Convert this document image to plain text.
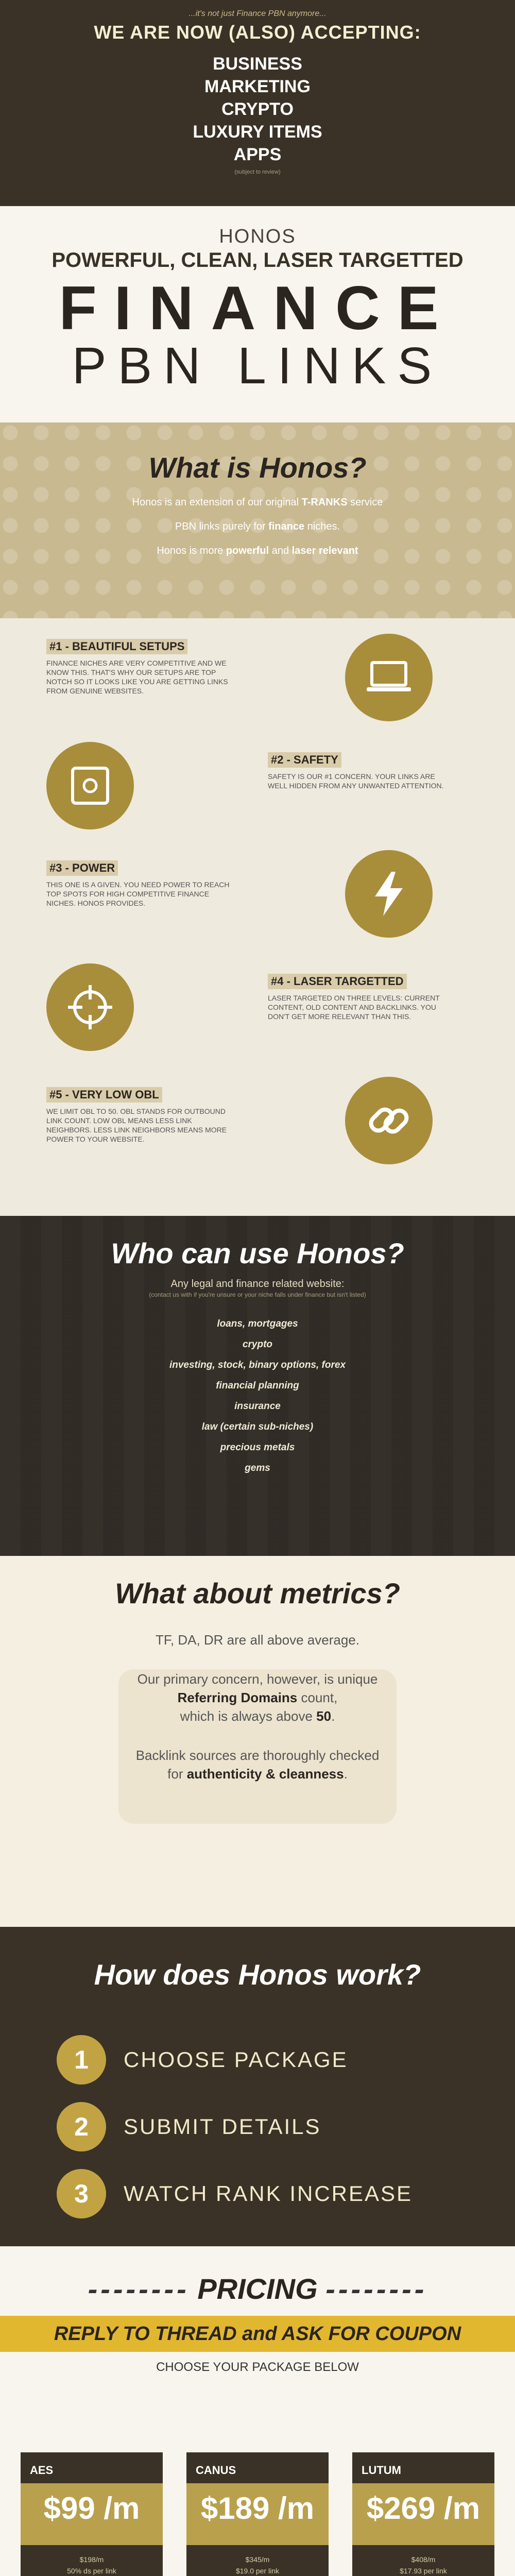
...it's not just Finance PBN anymore...
WE ARE NOW (ALSO) ACCEPTING:
BUSINESS
MARKETING
CRYPTO
LUXURY ITEMS
APPS
(subject to review)
HONOS
POWERFUL, CLEAN, LASER TARGETTED
FINANCE
PBN LINKS
What is Honos?

Honos is an extension of our original T-RANKS service

PBN links purely for finance niches.

Honos is more powerful and laser relevant

#1 - BEAUTIFUL SETUPS

FINANCE NICHES ARE VERY COMPETITIVE AND WE KNOW THIS. THAT'S WHY OUR SETUPS ARE TOP NOTCH SO IT LOOKS LIKE YOU ARE GETTING LINKS FROM GENUINE WEBSITES.

#2 - SAFETY

SAFETY IS OUR #1 CONCERN. YOUR LINKS ARE WELL HIDDEN FROM ANY UNWANTED ATTENTION.

#3 - POWER

THIS ONE IS A GIVEN. YOU NEED POWER TO REACH TOP SPOTS FOR HIGH COMPETITIVE FINANCE NICHES. HONOS PROVIDES.

#4 - LASER TARGETTED

LASER TARGETED ON THREE LEVELS: CURRENT CONTENT, OLD CONTENT AND BACKLINKS. YOU DON'T GET MORE RELEVANT THAN THIS.

#5 - VERY LOW OBL

WE LIMIT OBL TO 50. OBL STANDS FOR OUTBOUND LINK COUNT. LOW OBL MEANS LESS LINK NEIGHBORS. LESS LINK NEIGHBORS MEANS MORE POWER TO YOUR WEBSITE.

Who can use Honos?
Any legal and finance related website:
(contact us with if you're unsure or your niche falls under finance but isn't listed)
loans, mortgages
crypto
investing, stock, binary options, forex
financial planning
insurance
law (certain sub-niches)
precious metals
gems
What about metrics?

TF, DA, DR are all above average.

Our primary concern, however, is unique
Referring Domains count,
which is always above 50.

Backlink sources are thoroughly checked
for authenticity & cleanness.

How does Honos work?
1	CHOOSE PACKAGE
2	SUBMIT DETAILS
3	WATCH RANK INCREASE
-------- PRICING --------
REPLY TO THREAD and ASK FOR COUPON
CHOOSE YOUR PACKAGE BELOW
AES
$99 /m
$198/m
50% ds per link
CANUS
$189 /m
$345/m
$19.0 per link
LUTUM
$269 /m
$408/m
$17.93 per link
